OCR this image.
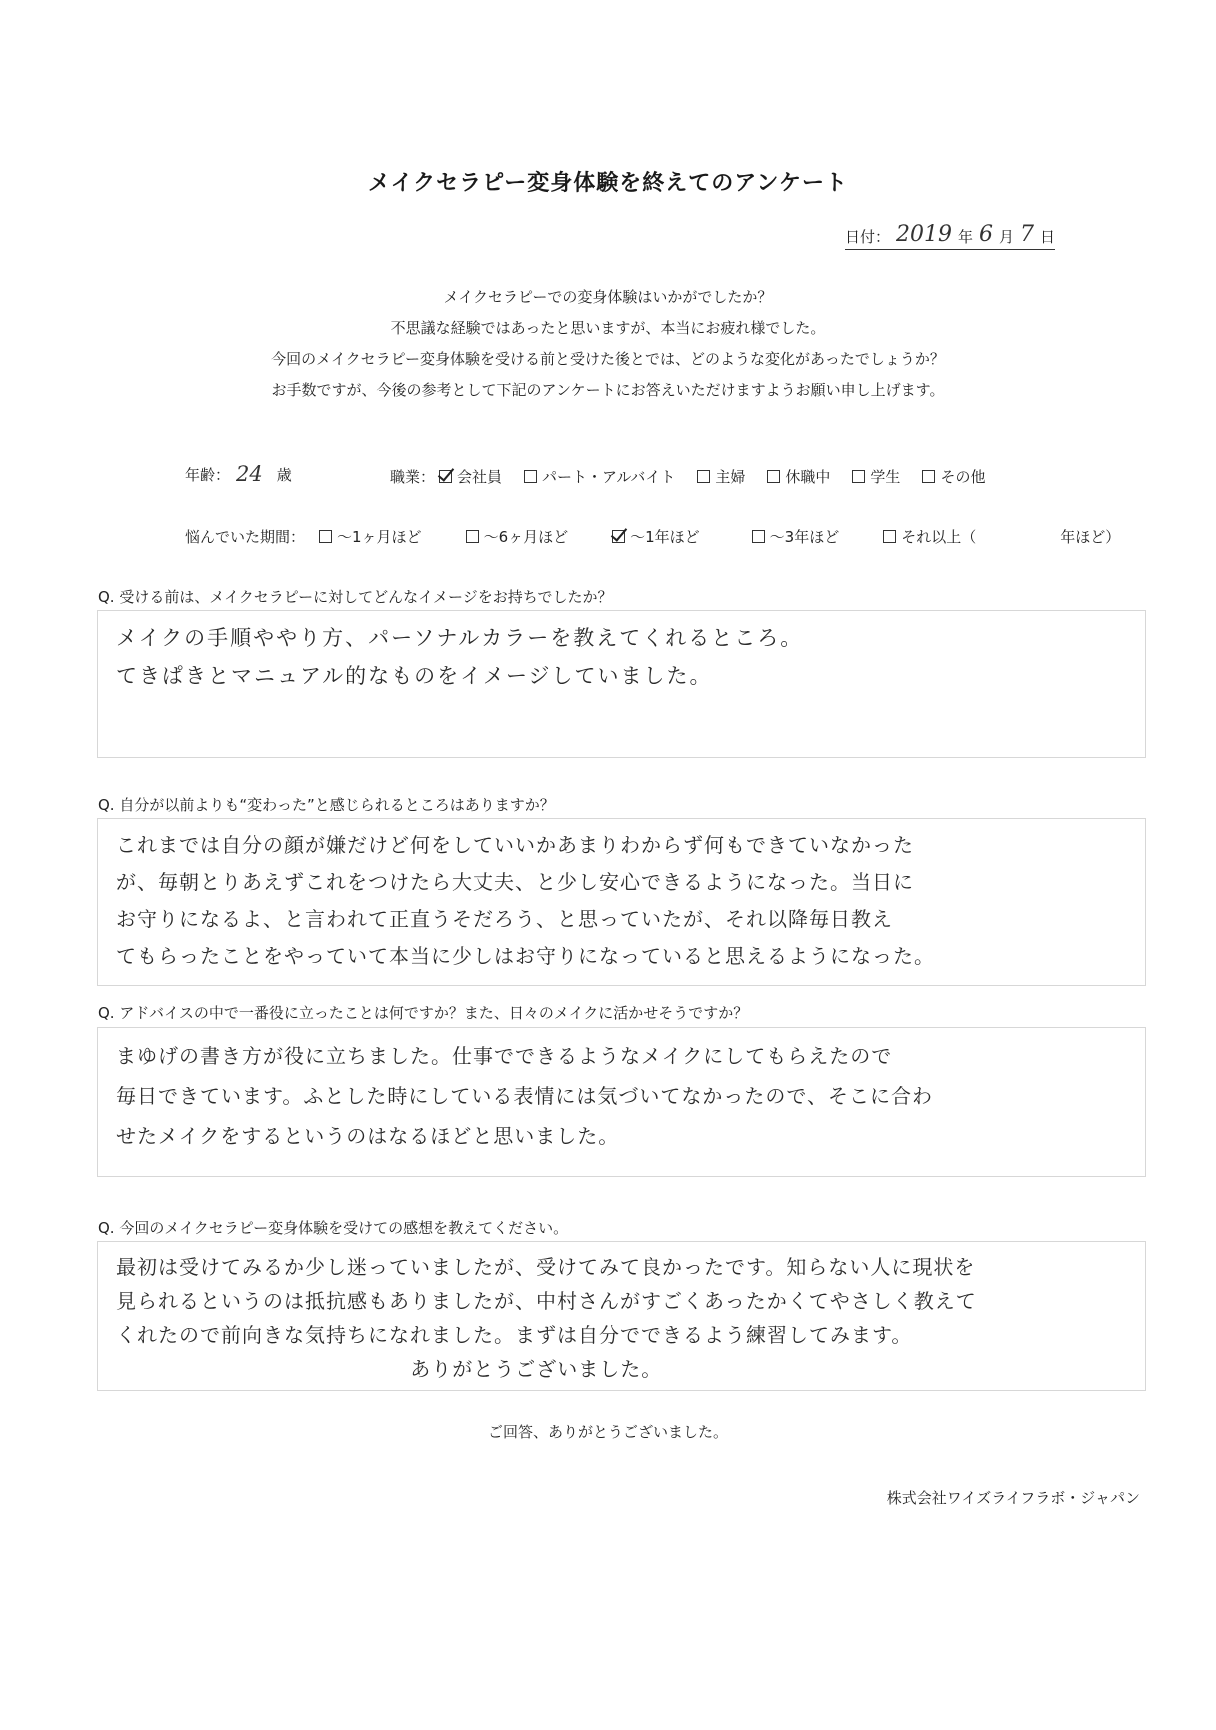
メイクセラピー変身体験を終えてのアンケート
日付： 2019 年 6 月 7 日
メイクセラピーでの変身体験はいかがでしたか？
不思議な経験ではあったと思いますが、本当にお疲れ様でした。
今回のメイクセラピー変身体験を受ける前と受けた後とでは、どのような変化があったでしょうか？
お手数ですが、今後の参考として下記のアンケートにお答えいただけますようお願い申し上げます。
年齢： 24 歳	職業： 会社員	パート・アルバイト	主婦	休職中	学生	その他
悩んでいた期間： ～1ヶ月ほど	～6ヶ月ほど	～1年ほど	～3年ほど	それ以上（	年ほど）
Q. 受ける前は、メイクセラピーに対してどんなイメージをお持ちでしたか？
メイクの手順ややり方、パーソナルカラーを教えてくれるところ。
てきぱきとマニュアル的なものをイメージしていました。
Q. 自分が以前よりも“変わった”と感じられるところはありますか？
これまでは自分の顔が嫌だけど何をしていいかあまりわからず何もできていなかった
が、毎朝とりあえずこれをつけたら大丈夫、と少し安心できるようになった。当日に
お守りになるよ、と言われて正直うそだろう、と思っていたが、それ以降毎日教え
てもらったことをやっていて本当に少しはお守りになっていると思えるようになった。
Q. アドバイスの中で一番役に立ったことは何ですか？また、日々のメイクに活かせそうですか？
まゆげの書き方が役に立ちました。仕事でできるようなメイクにしてもらえたので
毎日できています。ふとした時にしている表情には気づいてなかったので、そこに合わ
せたメイクをするというのはなるほどと思いました。
Q. 今回のメイクセラピー変身体験を受けての感想を教えてください。
最初は受けてみるか少し迷っていましたが、受けてみて良かったです。知らない人に現状を
見られるというのは抵抗感もありましたが、中村さんがすごくあったかくてやさしく教えて
くれたので前向きな気持ちになれました。まずは自分でできるよう練習してみます。
ありがとうございました。
ご回答、ありがとうございました。
株式会社ワイズライフラボ・ジャパン
